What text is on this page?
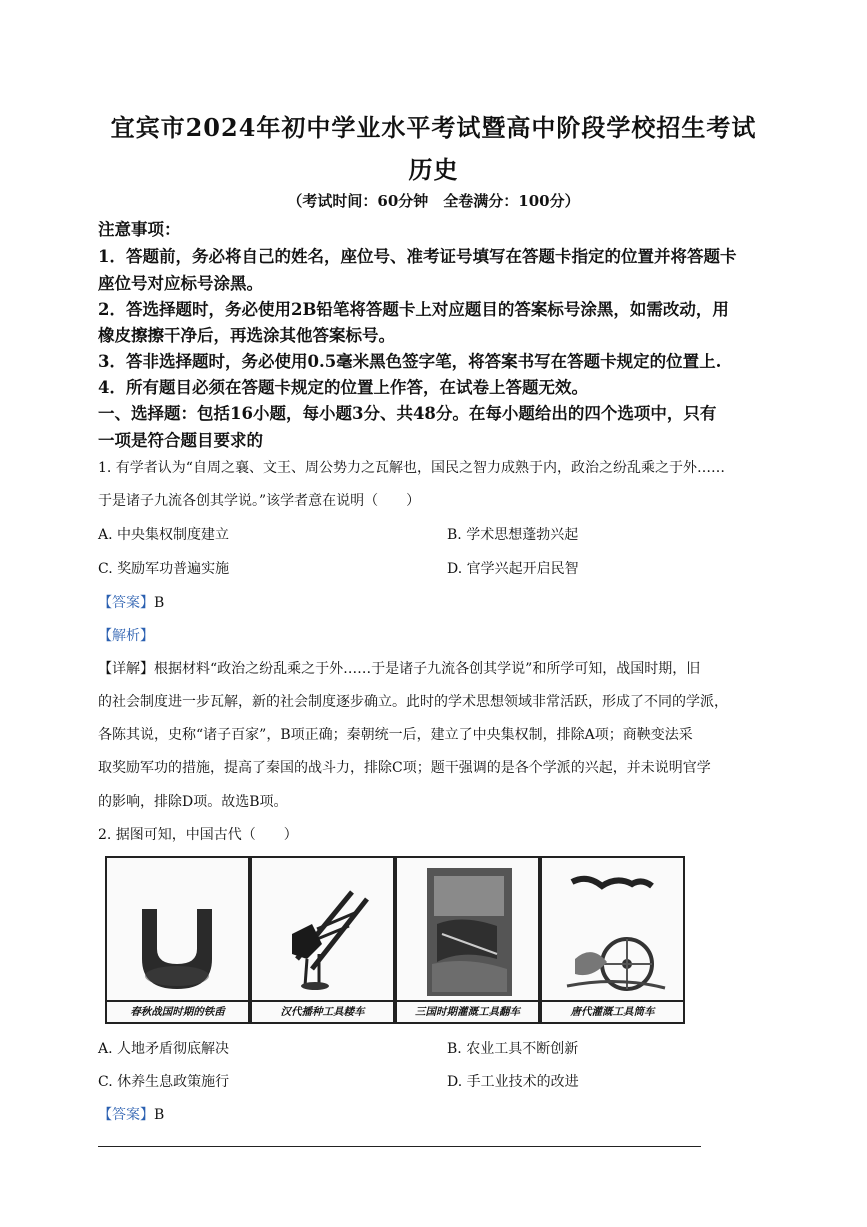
宜宾市2024年初中学业水平考试暨高中阶段学校招生考试
历史
（考试时间：60分钟　全卷满分：100分）
注意事项：
1．答题前，务必将自己的姓名，座位号、准考证号填写在答题卡指定的位置并将答题卡
座位号对应标号涂黑。
2．答选择题时，务必使用2B铅笔将答题卡上对应题目的答案标号涂黑，如需改动，用
橡皮擦擦干净后，再选涂其他答案标号。
3．答非选择题时，务必使用0.5毫米黑色签字笔，将答案书写在答题卡规定的位置上.
4．所有题目必须在答题卡规定的位置上作答，在试卷上答题无效。
一、选择题：包括16小题，每小题3分、共48分。在每小题给出的四个选项中，只有
一项是符合题目要求的
1. 有学者认为“自周之襄、文王、周公势力之瓦解也，国民之智力成熟于内，政治之纷乱乘之于外……
于是诸子九流各创其学说。”该学者意在说明（　　）
A. 中央集权制度建立	B. 学术思想蓬勃兴起
C. 奖励军功普遍实施	D. 官学兴起开启民智
【答案】B
【解析】
【详解】根据材料“政治之纷乱乘之于外……于是诸子九流各创其学说”和所学可知，战国时期，旧
的社会制度进一步瓦解，新的社会制度逐步确立。此时的学术思想领域非常活跃，形成了不同的学派，
各陈其说，史称“诸子百家”，B项正确；秦朝统一后，建立了中央集权制，排除A项；商鞅变法采
取奖励军功的措施，提高了秦国的战斗力，排除C项；题干强调的是各个学派的兴起，并未说明官学
的影响，排除D项。故选B项。
2. 据图可知，中国古代（　　）
春秋战国时期的铁臿	汉代播种工具耧车	三国时期灌溉工具翻车	唐代灌溉工具筒车
A. 人地矛盾彻底解决	B. 农业工具不断创新
C. 休养生息政策施行	D. 手工业技术的改进
【答案】B
